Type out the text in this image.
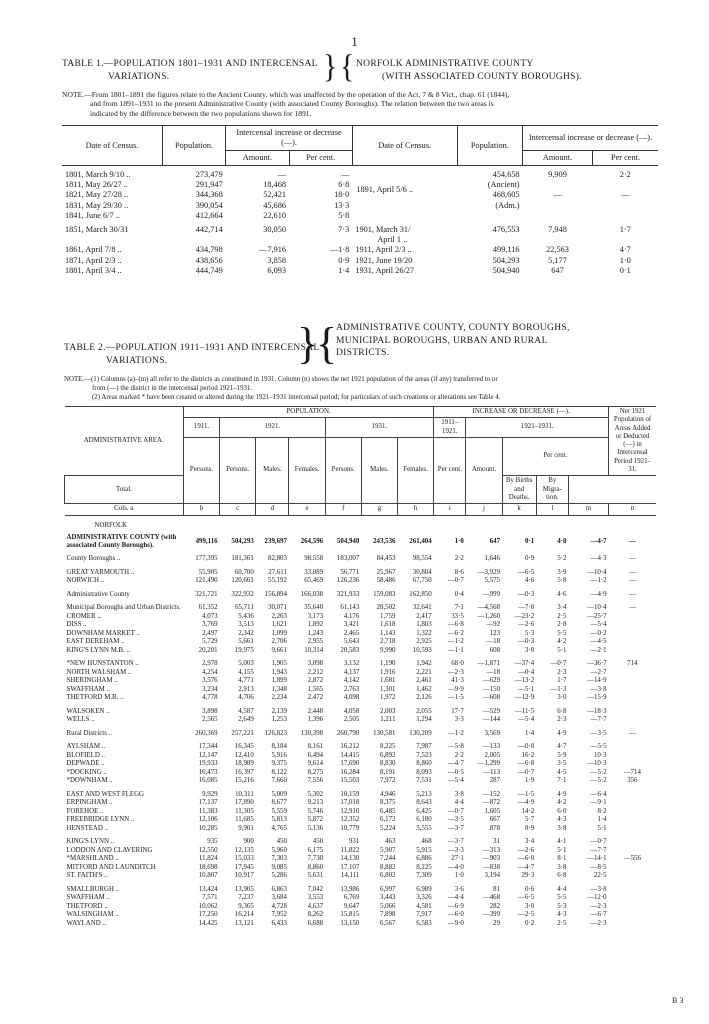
1
TABLE 1.—POPULATION 1801–1931 AND INTERCENSAL
VARIATIONS.	} { NORFOLK ADMINISTRATIVE COUNTY
(WITH ASSOCIATED COUNTY BOROUGHS).
NOTE.—From 1801–1891 the figures relate to the Ancient County, which was unaffected by the operation of the Act, 7 & 8 Vict., chap. 61 (1844),
and from 1891–1931 to the present Administrative County (with associated County Boroughs). The relation between the two areas is
indicated by the difference between the two populations shown for 1891.
Date of Census.	Population.	Intercensal increase or decrease (—).		Date of Census.	Population.	Intercensal increase or decrease (—).	
		Amount.	Per cent.			Amount.	Per cent.

1801, March 9/10 ..	273,479	—	—	1891, April 5/6 ..	454,658	9,909	2·2
1811, May 26/27 ..	291,947	18,468	6·8		(Ancient)		
1821, May 27/28 ..	344,368	52,421	18·0		468,605	—	—
1831, May 29/30 ..	390,054	45,686	13·3		(Adm.)		
1841, June 6/7 ..	412,664	22,610	5·8				

1851, March 30/31	442,714	30,050	7·3	1901, March 31/
April 1 ..	476,553	7,948	1·7
1861, April 7/8 ..	434,798	—7,916	—1·8	1911, April 2/3 ..	499,116	22,563	4·7
1871, April 2/3 ..	438,656	3,858	0·9	1921, June 19/20	504,293	5,177	1·0
1881, April 3/4 ..	444,749	6,093	1·4	1931, April 26/27	504,940	647	0·1
TABLE 2.—POPULATION 1911–1931 AND INTERCENSAL
VARIATIONS.	}
{
ADMINISTRATIVE COUNTY, COUNTY BOROUGHS,
MUNICIPAL BOROUGHS, URBAN AND RURAL
DISTRICTS.
NOTE.—(1) Columns (a)–(m) all refer to the districts as constituted in 1931. Column (n) shows the net 1921 population of the areas (if any) transferred to or
from (—) the district in the intercensal period 1921–1931.
(2) Areas marked * have been created or altered during the 1921–1931 intercensal period; for particulars of such creations or alterations see Table 4.
ADMINISTRATIVE AREA.	POPULATION.							INCREASE OR DECREASE (—).					Net 1921 Population of Areas Added or Deducted (—) in Intercensal Period 1921–31.
	1911.	1921.			1931.			1911–1921.	1921–1931.				
	Persons.	Persons.	Males.	Females.	Persons.	Males.	Females.	Per cent.	Amount.	Per cent.			
Total.										By Births and Deaths.	By Migra-tion.		
Cols. a	b	c	d	e	f	g	h	i	j	k	l	m	n
NORFOLK													
ADMINISTRATIVE COUNTY (with associated County Boroughs).	499,116	504,293	239,697	264,596	504,940	243,536	261,404	1·0	647	0·1	4·8	—4·7	—

County Boroughs ..	177,395	181,361	82,803	98,558	183,007	84,453	98,554	2·2	1,646	0·9	5·2	—4·3	—

GREAT YARMOUTH ..	55,905	60,700	27,611	33,089	56,771	25,967	30,804	8·6	—3,929	—6·5	3·9	—10·4	—
NORWICH ..	121,490	120,661	55,192	65,469	126,236	58,486	67,750	—0·7	5,575	4·6	5·8	—1·2	—

Administrative County	321,721	322,932	156,894	166,038	321,933	159,083	162,850	0·4	—999	—0·3	4·6	—4·9	—

Municipal Boroughs and Urban Districts.	61,352	65,711	30,071	35,640	61,143	28,502	32,641	7·1	—4,568	—7·0	3·4	—10·4	—
CROMER ..	4,073	5,436	2,263	3,173	4,176	1,759	2,417	33·5	—1,260	—23·2	2·5	—25·7	
DISS ..	3,769	3,513	1,621	1,892	3,421	1,618	1,803	—6·8	—92	—2·6	2·8	—5·4	
DOWNHAM MARKET ..	2,497	2,342	1,099	1,243	2,465	1,143	1,322	—6·2	123	5·3	5·5	—0·2	
EAST DEREHAM ..	5,729	5,661	2,706	2,955	5,643	2,718	2,925	—1·2	—18	—0·3	4·2	—4·5	
KING'S LYNN M.B. ..	20,201	19,975	9,661	10,314	20,583	9,990	10,593	—1·1	608	3·0	5·1	—2·1	

*NEW HUNSTANTON ..	2,978	5,003	1,905	3,098	3,132	1,190	1,942	68·0	—1,871	—37·4	—0·7	—36·7	714
NORTH WALSHAM ..	4,254	4,155	1,943	2,212	4,137	1,916	2,221	—2·3	—18	—0·4	2·3	—2·7	
SHERINGHAM ..	3,576	4,771	1,899	2,872	4,142	1,681	2,461	41·3	—629	—13·2	1·7	—14·9	
SWAFFHAM ..	3,234	2,913	1,348	1,565	2,763	1,301	1,462	—9·9	—150	—5·1	—1·3	—3·8	
THETFORD M.B. ..	4,778	4,706	2,234	2,472	4,098	1,972	2,126	—1·5	—608	—12·9	3·0	—15·9	

WALSOKEN ..	3,898	4,587	2,139	2,448	4,058	2,003	2,055	17·7	—529	—11·5	6·8	—18·3	
WELLS ..	2,565	2,649	1,253	1,396	2,505	1,211	1,294	3·3	—144	—5·4	2·3	—7·7	

Rural Districts ..	260,369	257,221	126,823	130,398	260,790	130,581	130,209	—1·2	3,569	1·4	4·9	—3·5	—

AYLSHAM ..	17,344	16,345	8,184	8,161	16,212	8,225	7,987	—5·8	—133	—0·8	4·7	—5·5	
BLOFIELD ..	12,147	12,410	5,916	6,494	14,415	6,892	7,523	2·2	2,005	16·2	5·9	10·3	
DEPWADE ..	19,933	18,989	9,375	9,614	17,690	8,830	8,860	—4·7	—1,299	—6·8	3·5	—10·3	
*DOCKING ..	16,473	16,397	8,122	8,275	16,284	8,191	8,093	—0·5	—113	—0·7	4·5	—5·2	—714
*DOWNHAM ..	16,085	15,216	7,660	7,556	15,503	7,972	7,531	—5·4	287	1·9	7·1	—5·2	356

EAST AND WEST FLEGG	9,929	10,311	5,009	5,302	10,159	4,946	5,213	3·8	—152	—1·5	4·9	—6·4	
ERPINGHAM ..	17,137	17,890	8,677	9,213	17,018	8,375	8,643	4·4	—872	—4·9	4·2	—9·1	
FOREHOE ..	11,383	11,305	5,559	5,746	12,910	6,485	6,425	—0·7	1,605	14·2	6·0	8·2	
FREEBRIDGE LYNN ..	12,106	11,685	5,813	5,872	12,352	6,172	6,180	—3·5	667	5·7	4·3	1·4	
HENSTEAD ..	10,285	9,901	4,765	5,136	10,779	5,224	5,555	—3·7	878	8·9	3·8	5·1	

KING'S LYNN ..	935	900	450	450	931	463	468	—3·7	31	3·4	4·1	—0·7	
LODDON AND CLAVERING	12,550	12,135	5,960	6,175	11,822	5,907	5,915	—3·3	—313	—2·6	5·1	—7·7	
*MARSHLAND ..	11,824	15,033	7,303	7,730	14,130	7,244	6,886	27·1	—903	—6·0	8·1	—14·1	—556
MITFORD AND LAUNDITCH	18,698	17,945	9,085	8,860	17,107	8,882	8,225	—4·0	—838	—4·7	3·8	—8·5	
ST. FAITH'S ..	10,807	10,917	5,286	5,631	14,111	6,802	7,309	1·0	3,194	29·3	6·8	22·5	

SMALLBURGH ..	13,424	13,905	6,863	7,042	13,986	6,997	6,989	3·6	81	0·6	4·4	—3·8	
SWAFFHAM ..	7,571	7,237	3,684	3,553	6,769	3,443	3,326	—4·4	—468	—6·5	5·5	—12·0	
THETFORD ..	10,062	9,365	4,728	4,637	9,647	5,066	4,581	—6·9	282	3·0	5·3	—2·3	
WALSINGHAM ..	17,250	16,214	7,952	8,262	15,815	7,898	7,917	—6·0	—399	—2·5	4·3	—6·7	
WAYLAND ..	14,425	13,121	6,433	6,688	13,150	6,567	6,583	—9·0	29	0·2	2·5	—2·3	
B 3
